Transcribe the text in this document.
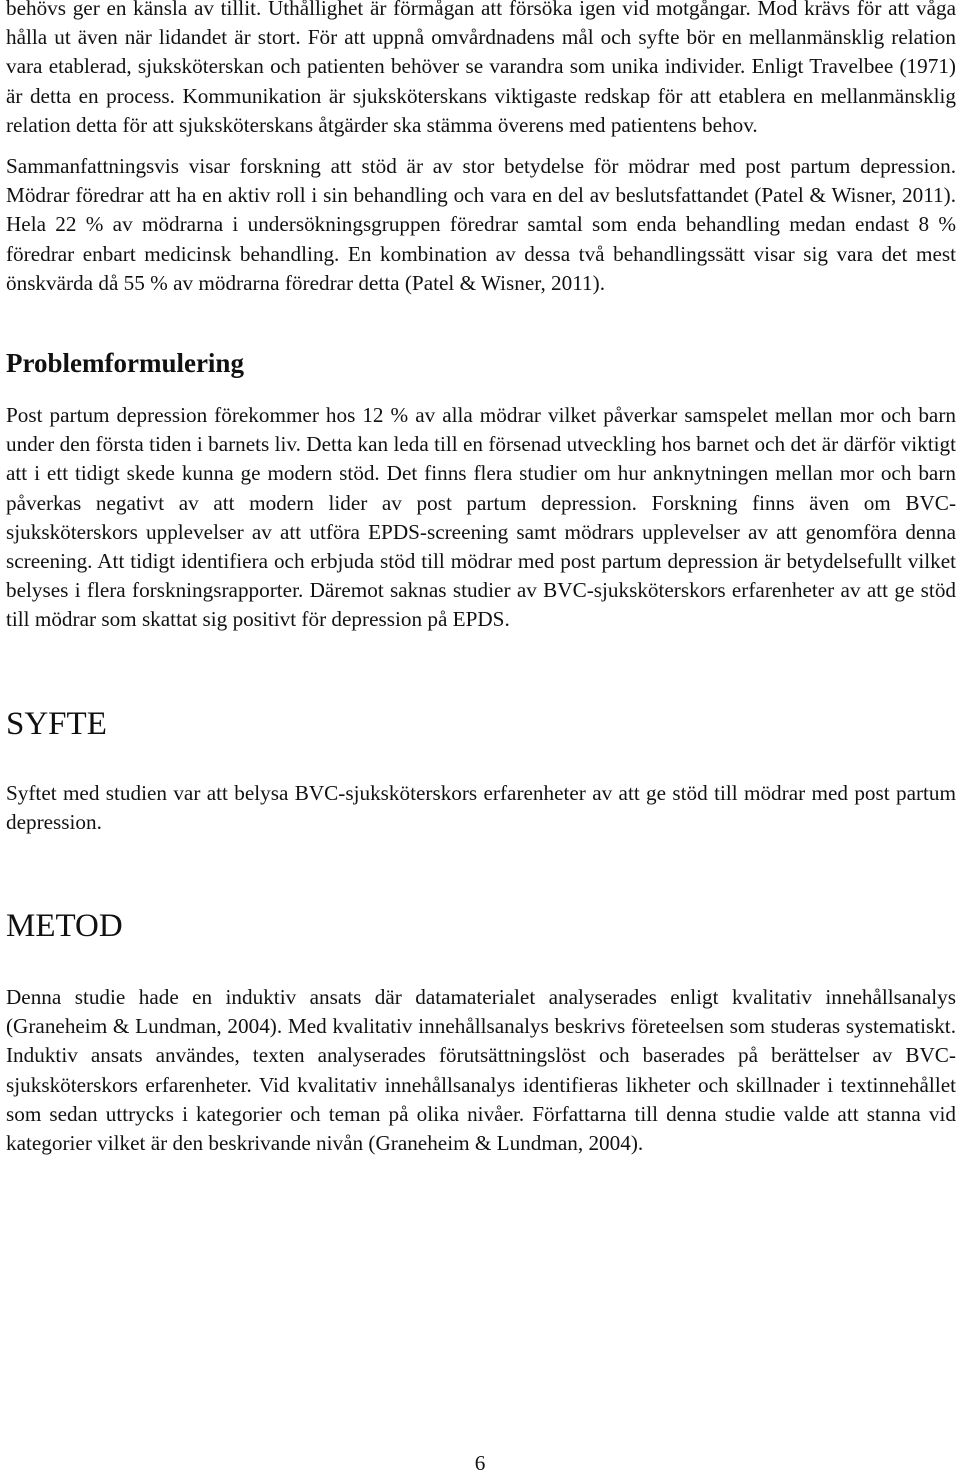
behövs ger en känsla av tillit. Uthållighet är förmågan att försöka igen vid motgångar. Mod krävs för att våga hålla ut även när lidandet är stort. För att uppnå omvårdnadens mål och syfte bör en mellanmänsklig relation vara etablerad, sjuksköterskan och patienten behöver se varandra som unika individer. Enligt Travelbee (1971) är detta en process. Kommunikation är sjuksköterskans viktigaste redskap för att etablera en mellanmänsklig relation detta för att sjuksköterskans åtgärder ska stämma överens med patientens behov.

Sammanfattningsvis visar forskning att stöd är av stor betydelse för mödrar med post partum depression. Mödrar föredrar att ha en aktiv roll i sin behandling och vara en del av beslutsfattandet (Patel & Wisner, 2011). Hela 22 % av mödrarna i undersökningsgruppen föredrar samtal som enda behandling medan endast 8 % föredrar enbart medicinsk behandling. En kombination av dessa två behandlingssätt visar sig vara det mest önskvärda då 55 % av mödrarna föredrar detta (Patel & Wisner, 2011).

Problemformulering

Post partum depression förekommer hos 12 % av alla mödrar vilket påverkar samspelet mellan mor och barn under den första tiden i barnets liv. Detta kan leda till en försenad utveckling hos barnet och det är därför viktigt att i ett tidigt skede kunna ge modern stöd. Det finns flera studier om hur anknytningen mellan mor och barn påverkas negativt av att modern lider av post partum depression. Forskning finns även om BVC-sjuksköterskors upplevelser av att utföra EPDS-screening samt mödrars upplevelser av att genomföra denna screening. Att tidigt identifiera och erbjuda stöd till mödrar med post partum depression är betydelsefullt vilket belyses i flera forskningsrapporter. Däremot saknas studier av BVC-sjuksköterskors erfarenheter av att ge stöd till mödrar som skattat sig positivt för depression på EPDS.

SYFTE

Syftet med studien var att belysa BVC-sjuksköterskors erfarenheter av att ge stöd till mödrar med post partum depression.

METOD

Denna studie hade en induktiv ansats där datamaterialet analyserades enligt kvalitativ innehållsanalys (Graneheim & Lundman, 2004). Med kvalitativ innehållsanalys beskrivs företeelsen som studeras systematiskt. Induktiv ansats användes, texten analyserades förutsättningslöst och baserades på berättelser av BVC-sjuksköterskors erfarenheter. Vid kvalitativ innehållsanalys identifieras likheter och skillnader i textinnehållet som sedan uttrycks i kategorier och teman på olika nivåer. Författarna till denna studie valde att stanna vid kategorier vilket är den beskrivande nivån (Graneheim & Lundman, 2004).

6
